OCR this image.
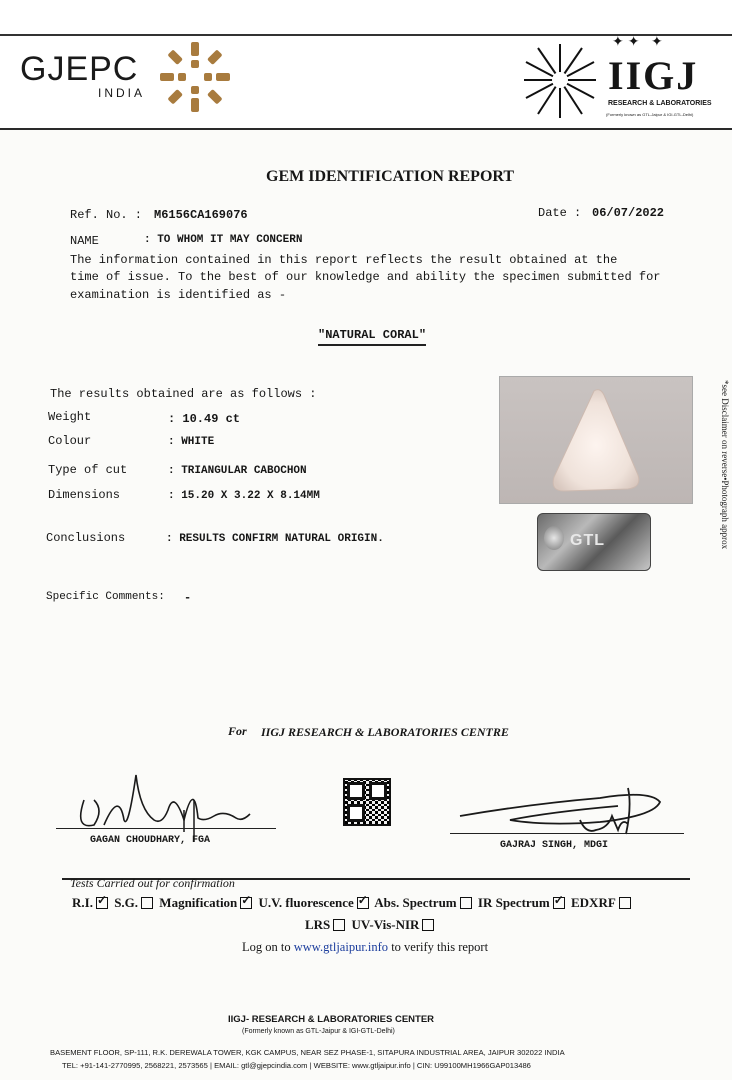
GJEPC
INDIA
✦✦ ✦
IIGJ
RESEARCH & LABORATORIES
(Formerly known as GTL-Jaipur & IGI-GTL-Delhi)
GEM IDENTIFICATION REPORT
Ref. No. : M6156CA169076	Date : 06/07/2022
NAME	: TO WHOM IT MAY CONCERN
The information contained in this report reflects the result obtained at the
time of issue. To the best of our knowledge and ability the specimen submitted for
examination is identified as -
"NATURAL CORAL"
The results obtained are as follows :
Weight	: 10.49 ct
Colour	: WHITE
Type of cut	: TRIANGULAR CABOCHON
Dimensions	: 15.20 X 3.22 X 8.14MM
Conclusions	: RESULTS CONFIRM NATURAL ORIGIN.
Specific Comments: -
GTL	*see Disclaimer on reverse•Photograph approx
For IIGJ RESEARCH & LABORATORIES CENTRE
GAGAN CHOUDHARY, FGA	GAJRAJ SINGH, MDGI
Tests Carried out for confirmation
R.I. ✓ S.G. Magnification ✓ U.V. fluorescence ✓ Abs. Spectrum IR Spectrum ✓ EDXRF
LRS UV-Vis-NIR
Log on to www.gtljaipur.info to verify this report
IIGJ- RESEARCH & LABORATORIES CENTER
(Formerly known as GTL-Jaipur & IGI-GTL-Delhi)
BASEMENT FLOOR, SP-111, R.K. DEREWALA TOWER, KGK CAMPUS, NEAR SEZ PHASE-1, SITAPURA INDUSTRIAL AREA, JAIPUR 302022 INDIA
TEL: +91-141-2770995, 2568221, 2573565 | EMAIL: gtl@gjepcindia.com | WEBSITE: www.gtljaipur.info | CIN: U99100MH1966GAP013486
